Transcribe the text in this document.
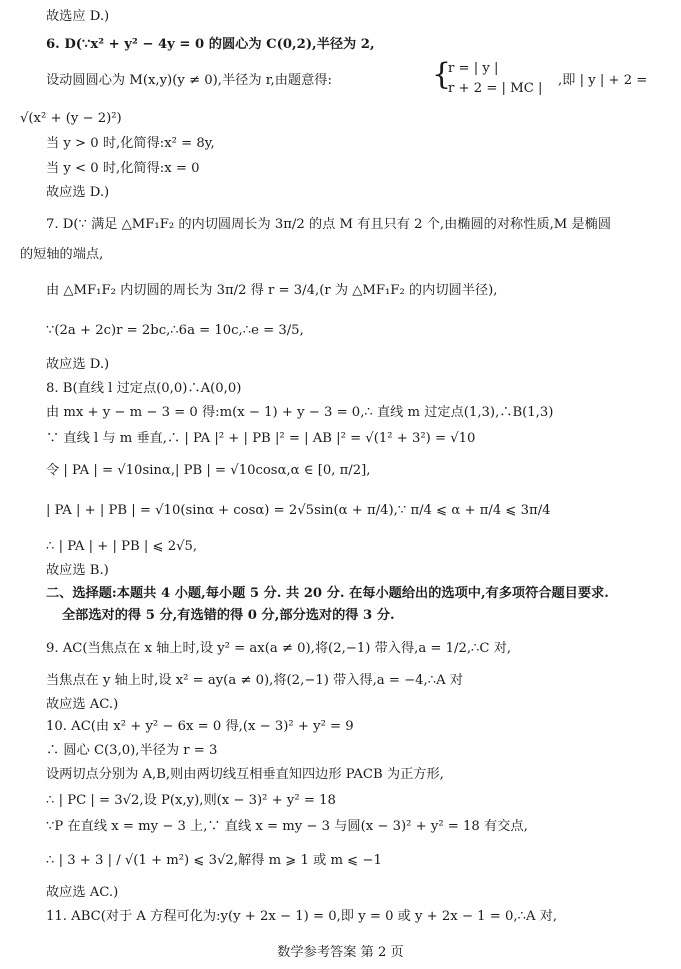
故选应 D.)
6. D(∵x² + y² − 4y = 0 的圆心为 C(0,2),半径为 2,
设动圆圆心为 M(x,y)(y ≠ 0),半径为 r,由题意得:	{
r = | y |
r + 2 = | MC |
,即 | y | + 2 =
√(x² + (y − 2)²)
当 y > 0 时,化简得:x² = 8y,
当 y < 0 时,化简得:x = 0
故应选 D.)
7. D(∵ 满足 △MF₁F₂ 的内切圆周长为 3π/2 的点 M 有且只有 2 个,由椭圆的对称性质,M 是椭圆
的短轴的端点,
由 △MF₁F₂ 内切圆的周长为 3π/2 得 r = 3/4,(r 为 △MF₁F₂ 的内切圆半径),
∵(2a + 2c)r = 2bc,∴6a = 10c,∴e = 3/5,
故应选 D.)
8. B(直线 l 过定点(0,0)∴A(0,0)
由 mx + y − m − 3 = 0 得:m(x − 1) + y − 3 = 0,∴ 直线 m 过定点(1,3),∴B(1,3)
∵ 直线 l 与 m 垂直,∴ | PA |² + | PB |² = | AB |² = √(1² + 3²) = √10
令 | PA | = √10sinα,| PB | = √10cosα,α ∈ [0, π/2],
| PA | + | PB | = √10(sinα + cosα) = 2√5sin(α + π/4),∵ π/4 ⩽ α + π/4 ⩽ 3π/4
∴ | PA | + | PB | ⩽ 2√5,
故应选 B.)
二、选择题:本题共 4 小题,每小题 5 分. 共 20 分. 在每小题给出的选项中,有多项符合题目要求.
全部选对的得 5 分,有选错的得 0 分,部分选对的得 3 分.
9. AC(当焦点在 x 轴上时,设 y² = ax(a ≠ 0),将(2,−1) 带入得,a = 1/2,∴C 对,
当焦点在 y 轴上时,设 x² = ay(a ≠ 0),将(2,−1) 带入得,a = −4,∴A 对
故应选 AC.)
10. AC(由 x² + y² − 6x = 0 得,(x − 3)² + y² = 9
∴ 圆心 C(3,0),半径为 r = 3
设两切点分别为 A,B,则由两切线互相垂直知四边形 PACB 为正方形,
∴ | PC | = 3√2,设 P(x,y),则(x − 3)² + y² = 18
∵P 在直线 x = my − 3 上,∵ 直线 x = my − 3 与圆(x − 3)² + y² = 18 有交点,
∴ | 3 + 3 | / √(1 + m²) ⩽ 3√2,解得 m ⩾ 1 或 m ⩽ −1
故应选 AC.)
11. ABC(对于 A 方程可化为:y(y + 2x − 1) = 0,即 y = 0 或 y + 2x − 1 = 0,∴A 对,
数学参考答案 第 2 页
